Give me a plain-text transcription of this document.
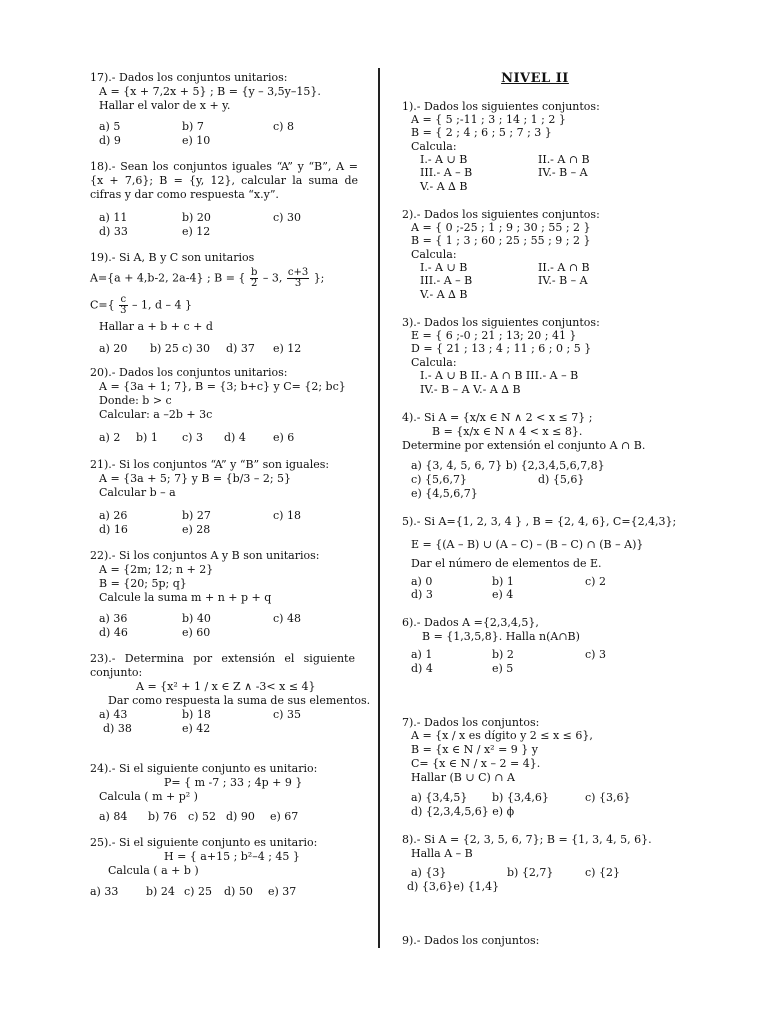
17).- Dados los conjuntos unitarios:
A = {x + 7,2x + 5} ; B = {y – 3,5y–15}.
Hallar el valor de x + y.
a) 5	b) 7	c) 8
d) 9	e) 10
18).- Sean los conjuntos iguales “A” y “B”, A = {x + 7,6}; B = {y, 12}, calcular la suma de cifras y dar como respuesta “x.y”.
a) 11	b) 20	c) 30
d) 33	e) 12
19).- Si A, B y C son unitarios
A={a + 4,b-2, 2a-4} ; B = { $\frac{b}{2} - 3$, $\frac{c+3}{3}$ };
$C=\{ \frac{c}{3} - 1$, d – 4 }
Hallar a + b + c + d
a) 20 b) 25 c) 30 d) 37 e) 12
20).- Dados los conjuntos unitarios:
A = {3a + 1; 7}, B = {3; b+c} y C= {2; bc}
Donde: b > c
Calcular: a –2b + 3c
a) 2 b) 1 c) 3 d) 4 e) 6
21).- Si los conjuntos “A” y “B” son iguales:
A = {3a + 5; 7} y B = {b/3 – 2; 5}
Calcular b – a
a) 26	b) 27	c) 18
d) 16	e) 28
22).- Si los conjuntos A y B son unitarios:
A = {2m; 12; n + 2}
B = {20; 5p; q}
Calcule la suma m + n + p + q
a) 36	b) 40	c) 48
d) 46	e) 60
23).- Determina por extensión el siguiente conjunto:
A = {x² + 1 / x ∈ Z ∧ -3< x ≤ 4}
Dar como respuesta la suma de sus elementos.
a) 43	b) 18	c) 35
d) 38	e) 42
24).- Si el siguiente conjunto es unitario:
P= { m -7 ; 33 ; 4p + 9 }
Calcula ( m + p² )
a) 84 b) 76 c) 52 d) 90 e) 67
25).- Si el siguiente conjunto es unitario:
H = { a+15 ; b²–4 ; 45 }
Calcula ( a + b )
a) 33	b) 24 c) 25 d) 50 e) 37
NIVEL II
1).- Dados los siguientes conjuntos:
A = { 5 ;-11 ; 3 ; 14 ; 1 ; 2 }
B = { 2 ; 4 ; 6 ; 5 ; 7 ; 3 }
Calcula:
I.- A ∪ B	II.- A ∩ B
III.- A – B	IV.- B – A
V.- A ∆ B
2).- Dados los siguientes conjuntos:
A = { 0 ;-25 ; 1 ; 9 ; 30 ; 55 ; 2 }
B = { 1 ; 3 ; 60 ; 25 ; 55 ; 9 ; 2 }
Calcula:
I.- A ∪ B	II.- A ∩ B
III.- A – B	IV.- B – A
V.- A ∆ B
3).- Dados los siguientes conjuntos:
E = { 6 ;-0 ; 21 ; 13; 20 ; 41 }
D = { 21 ; 13 ; 4 ; 11 ; 6 ; 0 ; 5 }
Calcula:
I.- A ∪ B II.- A ∩ B III.- A – B
IV.- B – A V.- A ∆ B
4).- Si A = {x/x ∈ N ∧ 2 < x ≤ 7} ;
B = {x/x ∈ N ∧ 4 < x ≤ 8}.
Determine por extensión el conjunto A ∩ B.
a) {3, 4, 5, 6, 7} b) {2,3,4,5,6,7,8}
c) {5,6,7}	d) {5,6}
e) {4,5,6,7}
5).- Si A={1, 2, 3, 4 } , B = {2, 4, 6}, C={2,4,3};
E = {(A – B) ∪ (A – C) – (B – C) ∩ (B – A)}
Dar el número de elementos de E.
a) 0	b) 1	c) 2
d) 3	e) 4
6).- Dados A ={2,3,4,5},
B = {1,3,5,8}. Halla n(A∩B)
a) 1	b) 2	c) 3
d) 4	e) 5
7).- Dados los conjuntos:
A = {x / x es dígito y 2 ≤ x ≤ 6},
B = {x ∈ N / x² = 9 } y
C= {x ∈ N / x – 2 = 4}.
Hallar (B ∪ C) ∩ A
a) {3,4,5} b) {3,4,6}	c) {3,6}
d) {2,3,4,5,6} e) ϕ
8).- Si A = {2, 3, 5, 6, 7}; B = {1, 3, 4, 5, 6}.
Halla A – B
a) {3}	b) {2,7}	c) {2}
d) {3,6}e) {1,4}
9).- Dados los conjuntos:
